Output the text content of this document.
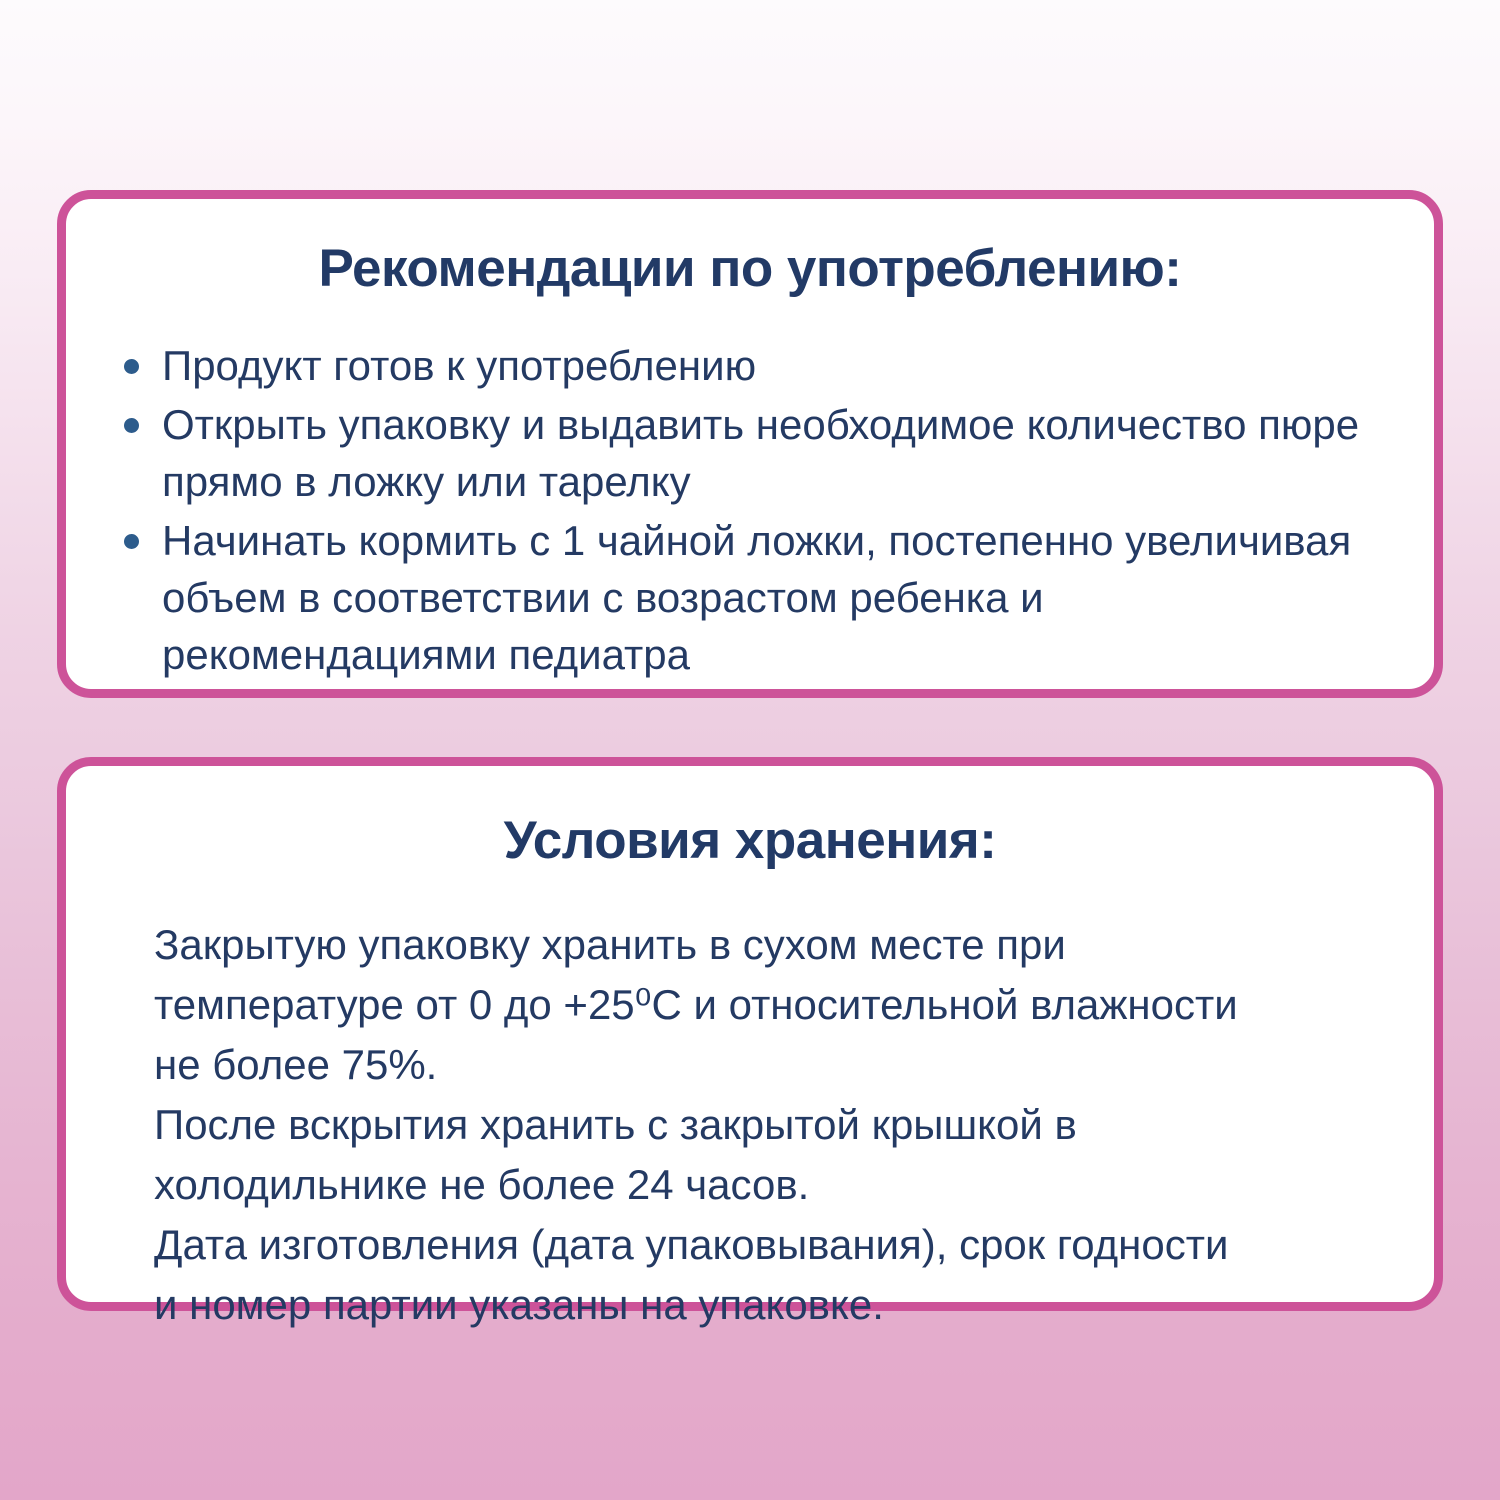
Рекомендации по употреблению:
Продукт готов к употреблению
Открыть упаковку и выдавить необходимое количество пюре прямо в ложку или тарелку
Начинать кормить с 1 чайной ложки, постепенно увеличивая объем в соответствии с возрастом ребенка и рекомендациями педиатра
Условия хранения:

Закрытую упаковку хранить в сухом месте при

температуре от 0 до +25⁰C и относительной влажности

не более 75%.

После вскрытия хранить с закрытой крышкой в

холодильнике не более 24 часов.

Дата изготовления (дата упаковывания), срок годности

и номер партии указаны на упаковке.
